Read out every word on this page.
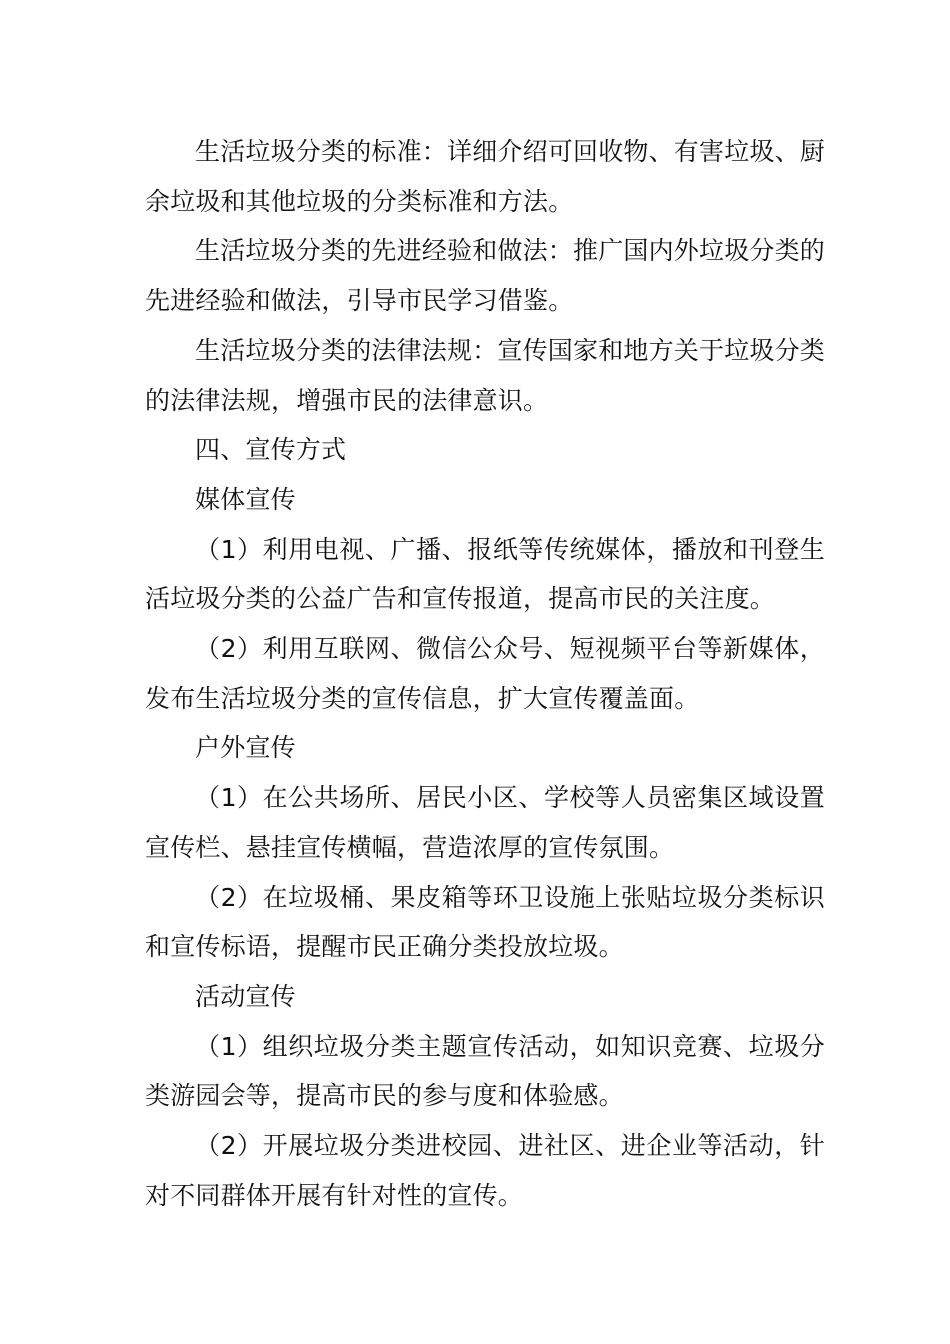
生活垃圾分类的标准：详细介绍可回收物、有害垃圾、厨余垃圾和其他垃圾的分类标准和方法。

生活垃圾分类的先进经验和做法：推广国内外垃圾分类的先进经验和做法，引导市民学习借鉴。

生活垃圾分类的法律法规：宣传国家和地方关于垃圾分类的法律法规，增强市民的法律意识。

四、宣传方式

媒体宣传

（1）利用电视、广播、报纸等传统媒体，播放和刊登生活垃圾分类的公益广告和宣传报道，提高市民的关注度。

（2）利用互联网、微信公众号、短视频平台等新媒体，发布生活垃圾分类的宣传信息，扩大宣传覆盖面。

户外宣传

（1）在公共场所、居民小区、学校等人员密集区域设置宣传栏、悬挂宣传横幅，营造浓厚的宣传氛围。

（2）在垃圾桶、果皮箱等环卫设施上张贴垃圾分类标识和宣传标语，提醒市民正确分类投放垃圾。

活动宣传

（1）组织垃圾分类主题宣传活动，如知识竞赛、垃圾分类游园会等，提高市民的参与度和体验感。

（2）开展垃圾分类进校园、进社区、进企业等活动，针对不同群体开展有针对性的宣传。
